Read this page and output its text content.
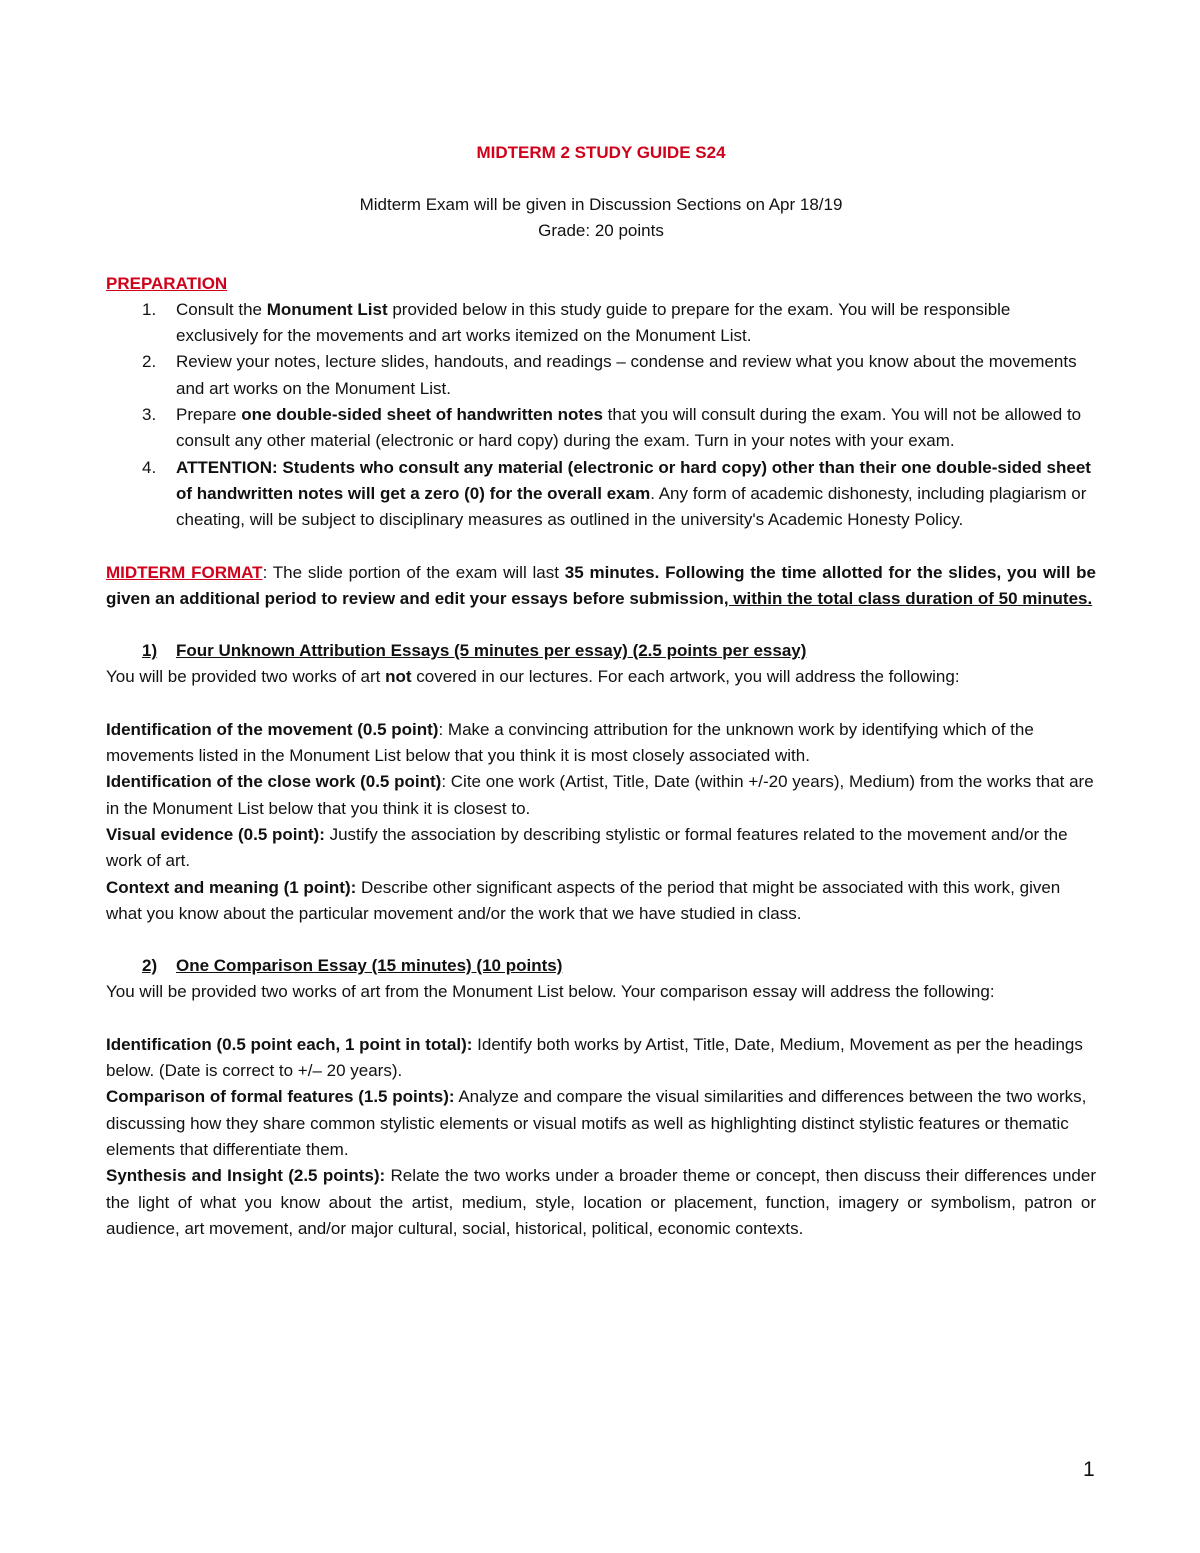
MIDTERM 2 STUDY GUIDE S24

Midterm Exam will be given in Discussion Sections on Apr 18/19

Grade: 20 points

PREPARATION

1. Consult the Monument List provided below in this study guide to prepare for the exam. You will be responsible exclusively for the movements and art works itemized on the Monument List.
2. Review your notes, lecture slides, handouts, and readings – condense and review what you know about the movements and art works on the Monument List.
3. Prepare one double-sided sheet of handwritten notes that you will consult during the exam. You will not be allowed to consult any other material (electronic or hard copy) during the exam. Turn in your notes with your exam.
4. ATTENTION: Students who consult any material (electronic or hard copy) other than their one double-sided sheet of handwritten notes will get a zero (0) for the overall exam. Any form of academic dishonesty, including plagiarism or cheating, will be subject to disciplinary measures as outlined in the university's Academic Honesty Policy.

MIDTERM FORMAT: The slide portion of the exam will last 35 minutes. Following the time allotted for the slides, you will be given an additional period to review and edit your essays before submission, within the total class duration of 50 minutes.

1) Four Unknown Attribution Essays (5 minutes per essay) (2.5 points per essay)

You will be provided two works of art not covered in our lectures. For each artwork, you will address the following:

Identification of the movement (0.5 point): Make a convincing attribution for the unknown work by identifying which of the movements listed in the Monument List below that you think it is most closely associated with.

Identification of the close work (0.5 point): Cite one work (Artist, Title, Date (within +/-20 years), Medium) from the works that are in the Monument List below that you think it is closest to.

Visual evidence (0.5 point): Justify the association by describing stylistic or formal features related to the movement and/or the work of art.

Context and meaning (1 point): Describe other significant aspects of the period that might be associated with this work, given what you know about the particular movement and/or the work that we have studied in class.

2) One Comparison Essay (15 minutes) (10 points)

You will be provided two works of art from the Monument List below. Your comparison essay will address the following:

Identification (0.5 point each, 1 point in total): Identify both works by Artist, Title, Date, Medium, Movement as per the headings below. (Date is correct to +/– 20 years).

Comparison of formal features (1.5 points): Analyze and compare the visual similarities and differences between the two works, discussing how they share common stylistic elements or visual motifs as well as highlighting distinct stylistic features or thematic elements that differentiate them.

Synthesis and Insight (2.5 points): Relate the two works under a broader theme or concept, then discuss their differences under the light of what you know about the artist, medium, style, location or placement, function, imagery or symbolism, patron or audience, art movement, and/or major cultural, social, historical, political, economic contexts.

1
